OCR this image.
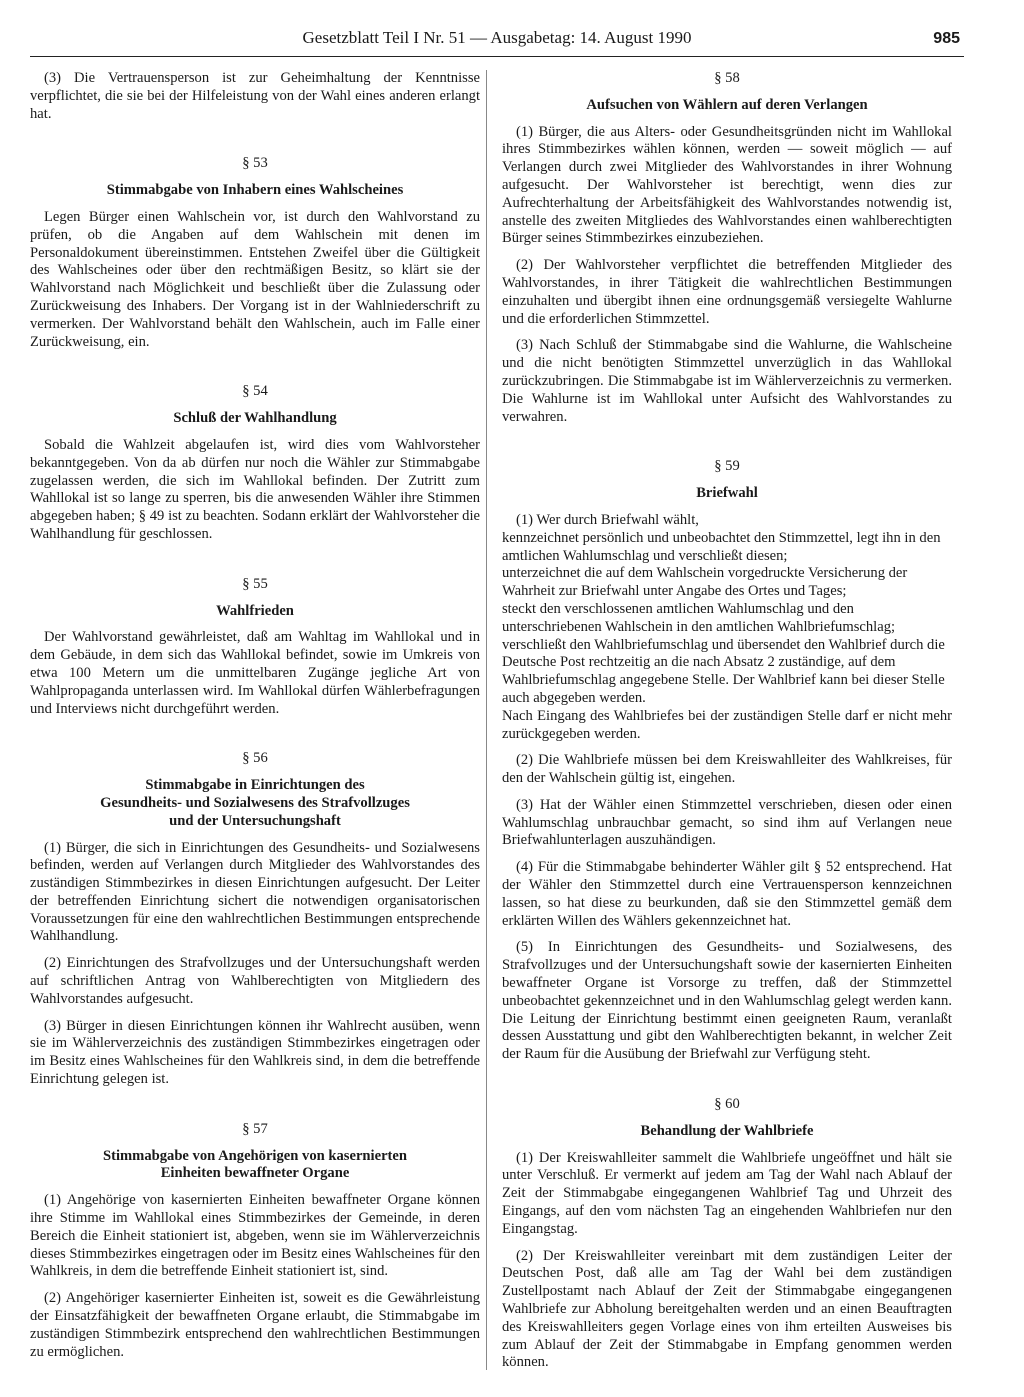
Gesetzblatt Teil I Nr. 51 — Ausgabetag: 14. August 1990	985

(3) Die Vertrauensperson ist zur Geheimhaltung der Kenntnisse verpflichtet, die sie bei der Hilfeleistung von der Wahl eines anderen erlangt hat.

§ 53
Stimmabgabe von Inhabern eines Wahlscheines

Legen Bürger einen Wahlschein vor, ist durch den Wahlvorstand zu prüfen, ob die Angaben auf dem Wahlschein mit denen im Personaldokument übereinstimmen. Entstehen Zweifel über die Gültigkeit des Wahlscheines oder über den rechtmäßigen Besitz, so klärt sie der Wahlvorstand nach Möglichkeit und beschließt über die Zulassung oder Zurückweisung des Inhabers. Der Vorgang ist in der Wahlniederschrift zu vermerken. Der Wahlvorstand behält den Wahlschein, auch im Falle einer Zurückweisung, ein.

§ 54
Schluß der Wahlhandlung

Sobald die Wahlzeit abgelaufen ist, wird dies vom Wahlvorsteher bekanntgegeben. Von da ab dürfen nur noch die Wähler zur Stimmabgabe zugelassen werden, die sich im Wahllokal befinden. Der Zutritt zum Wahllokal ist so lange zu sperren, bis die anwesenden Wähler ihre Stimmen abgegeben haben; § 49 ist zu beachten. Sodann erklärt der Wahlvorsteher die Wahlhandlung für geschlossen.

§ 55
Wahlfrieden

Der Wahlvorstand gewährleistet, daß am Wahltag im Wahllokal und in dem Gebäude, in dem sich das Wahllokal befindet, sowie im Umkreis von etwa 100 Metern um die unmittelbaren Zugänge jegliche Art von Wahlpropaganda unterlassen wird. Im Wahllokal dürfen Wählerbefragungen und Interviews nicht durchgeführt werden.

§ 56
Stimmabgabe in Einrichtungen des
Gesundheits- und Sozialwesens des Strafvollzuges
und der Untersuchungshaft

(1) Bürger, die sich in Einrichtungen des Gesundheits- und Sozialwesens befinden, werden auf Verlangen durch Mitglieder des Wahlvorstandes des zuständigen Stimmbezirkes in diesen Einrichtungen aufgesucht. Der Leiter der betreffenden Einrichtung sichert die notwendigen organisatorischen Voraussetzungen für eine den wahlrechtlichen Bestimmungen entsprechende Wahlhandlung.

(2) Einrichtungen des Strafvollzuges und der Untersuchungshaft werden auf schriftlichen Antrag von Wahlberechtigten von Mitgliedern des Wahlvorstandes aufgesucht.

(3) Bürger in diesen Einrichtungen können ihr Wahlrecht ausüben, wenn sie im Wählerverzeichnis des zuständigen Stimmbezirkes eingetragen oder im Besitz eines Wahlscheines für den Wahlkreis sind, in dem die betreffende Einrichtung gelegen ist.

§ 57
Stimmabgabe von Angehörigen von kasernierten
Einheiten bewaffneter Organe

(1) Angehörige von kasernierten Einheiten bewaffneter Organe können ihre Stimme im Wahllokal eines Stimmbezirkes der Gemeinde, in deren Bereich die Einheit stationiert ist, abgeben, wenn sie im Wählerverzeichnis dieses Stimmbezirkes eingetragen oder im Besitz eines Wahlscheines für den Wahlkreis, in dem die betreffende Einheit stationiert ist, sind.

(2) Angehöriger kasernierter Einheiten ist, soweit es die Gewährleistung der Einsatzfähigkeit der bewaffneten Organe erlaubt, die Stimmabgabe im zuständigen Stimmbezirk entsprechend den wahlrechtlichen Bestimmungen zu ermöglichen.

§ 58
Aufsuchen von Wählern auf deren Verlangen

(1) Bürger, die aus Alters- oder Gesundheitsgründen nicht im Wahllokal ihres Stimmbezirkes wählen können, werden — soweit möglich — auf Verlangen durch zwei Mitglieder des Wahlvorstandes in ihrer Wohnung aufgesucht. Der Wahlvorsteher ist berechtigt, wenn dies zur Aufrechterhaltung der Arbeitsfähigkeit des Wahlvorstandes notwendig ist, anstelle des zweiten Mitgliedes des Wahlvorstandes einen wahlberechtigten Bürger seines Stimmbezirkes einzubeziehen.

(2) Der Wahlvorsteher verpflichtet die betreffenden Mitglieder des Wahlvorstandes, in ihrer Tätigkeit die wahlrechtlichen Bestimmungen einzuhalten und übergibt ihnen eine ordnungsgemäß versiegelte Wahlurne und die erforderlichen Stimmzettel.

(3) Nach Schluß der Stimmabgabe sind die Wahlurne, die Wahlscheine und die nicht benötigten Stimmzettel unverzüglich in das Wahllokal zurückzubringen. Die Stimmabgabe ist im Wählerverzeichnis zu vermerken. Die Wahlurne ist im Wahllokal unter Aufsicht des Wahlvorstandes zu verwahren.

§ 59
Briefwahl

(1) Wer durch Briefwahl wählt,

kennzeichnet persönlich und unbeobachtet den Stimmzettel, legt ihn in den amtlichen Wahlumschlag und verschließt diesen;

unterzeichnet die auf dem Wahlschein vorgedruckte Versicherung der Wahrheit zur Briefwahl unter Angabe des Ortes und Tages;

steckt den verschlossenen amtlichen Wahlumschlag und den unterschriebenen Wahlschein in den amtlichen Wahlbriefumschlag;

verschließt den Wahlbriefumschlag und übersendet den Wahlbrief durch die Deutsche Post rechtzeitig an die nach Absatz 2 zuständige, auf dem Wahlbriefumschlag angegebene Stelle. Der Wahlbrief kann bei dieser Stelle auch abgegeben werden.

Nach Eingang des Wahlbriefes bei der zuständigen Stelle darf er nicht mehr zurückgegeben werden.

(2) Die Wahlbriefe müssen bei dem Kreiswahlleiter des Wahlkreises, für den der Wahlschein gültig ist, eingehen.

(3) Hat der Wähler einen Stimmzettel verschrieben, diesen oder einen Wahlumschlag unbrauchbar gemacht, so sind ihm auf Verlangen neue Briefwahlunterlagen auszuhändigen.

(4) Für die Stimmabgabe behinderter Wähler gilt § 52 entsprechend. Hat der Wähler den Stimmzettel durch eine Vertrauensperson kennzeichnen lassen, so hat diese zu beurkunden, daß sie den Stimmzettel gemäß dem erklärten Willen des Wählers gekennzeichnet hat.

(5) In Einrichtungen des Gesundheits- und Sozialwesens, des Strafvollzuges und der Untersuchungshaft sowie der kasernierten Einheiten bewaffneter Organe ist Vorsorge zu treffen, daß der Stimmzettel unbeobachtet gekennzeichnet und in den Wahlumschlag gelegt werden kann. Die Leitung der Einrichtung bestimmt einen geeigneten Raum, veranlaßt dessen Ausstattung und gibt den Wahlberechtigten bekannt, in welcher Zeit der Raum für die Ausübung der Briefwahl zur Verfügung steht.

§ 60
Behandlung der Wahlbriefe

(1) Der Kreiswahlleiter sammelt die Wahlbriefe ungeöffnet und hält sie unter Verschluß. Er vermerkt auf jedem am Tag der Wahl nach Ablauf der Zeit der Stimmabgabe eingegangenen Wahlbrief Tag und Uhrzeit des Eingangs, auf den vom nächsten Tag an eingehenden Wahlbriefen nur den Eingangstag.

(2) Der Kreiswahlleiter vereinbart mit dem zuständigen Leiter der Deutschen Post, daß alle am Tag der Wahl bei dem zuständigen Zustellpostamt nach Ablauf der Zeit der Stimmabgabe eingegangenen Wahlbriefe zur Abholung bereitgehalten werden und an einen Beauftragten des Kreiswahlleiters gegen Vorlage eines von ihm erteilten Ausweises bis zum Ablauf der Zeit der Stimmabgabe in Empfang genommen werden können.
